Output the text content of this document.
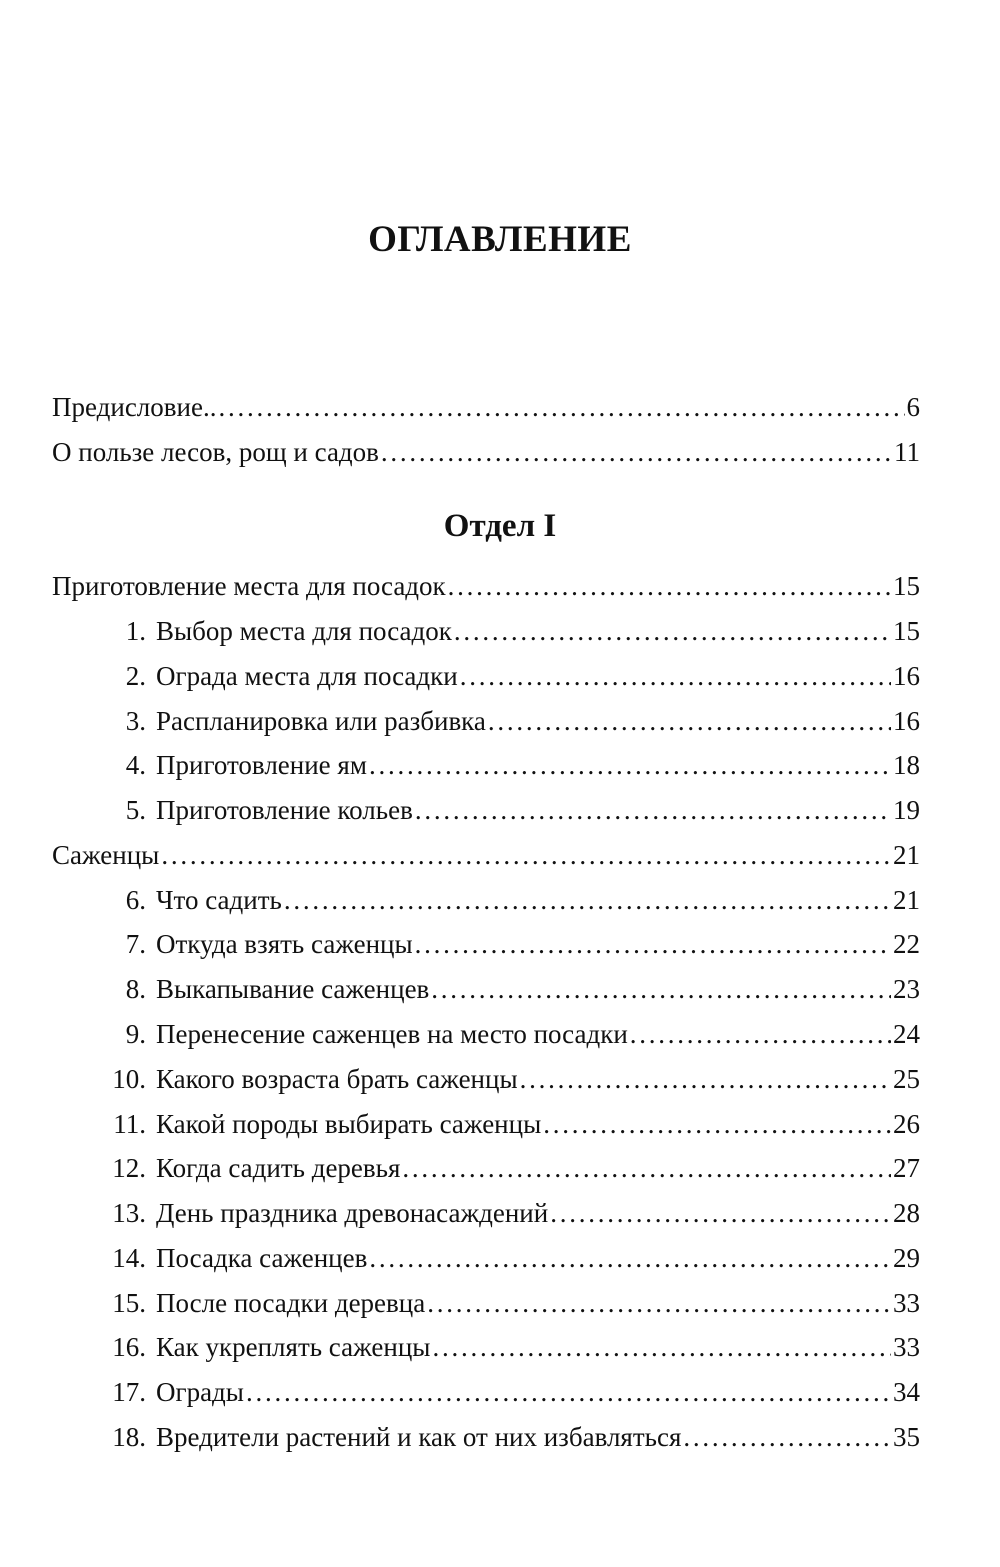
ОГЛАВЛЕНИЕ
Предисловие.. . . .	6
О пользе лесов, рощ и садов . . .	11
Отдел I
Приготовление места для посадок . . .	15
1. Выбор места для посадок . . .	15
2. Ограда места для посадки . . .	16
3. Распланировка или разбивка . . .	16
4. Приготовление ям . . .	18
5. Приготовление кольев . . .	19
Саженцы . . .	21
6. Что садить . . .	21
7. Откуда взять саженцы . . .	22
8. Выкапывание саженцев . . .	23
9. Перенесение саженцев на место посадки . . .	24
10. Какого возраста брать саженцы . . .	25
11. Какой породы выбирать саженцы . . .	26
12. Когда садить деревья . . .	27
13. День праздника древонасаждений . . .	28
14. Посадка саженцев . . .	29
15. После посадки деревца . . .	33
16. Как укреплять саженцы . . .	33
17. Ограды . . .	34
18. Вредители растений и как от них избавляться . . .	35
